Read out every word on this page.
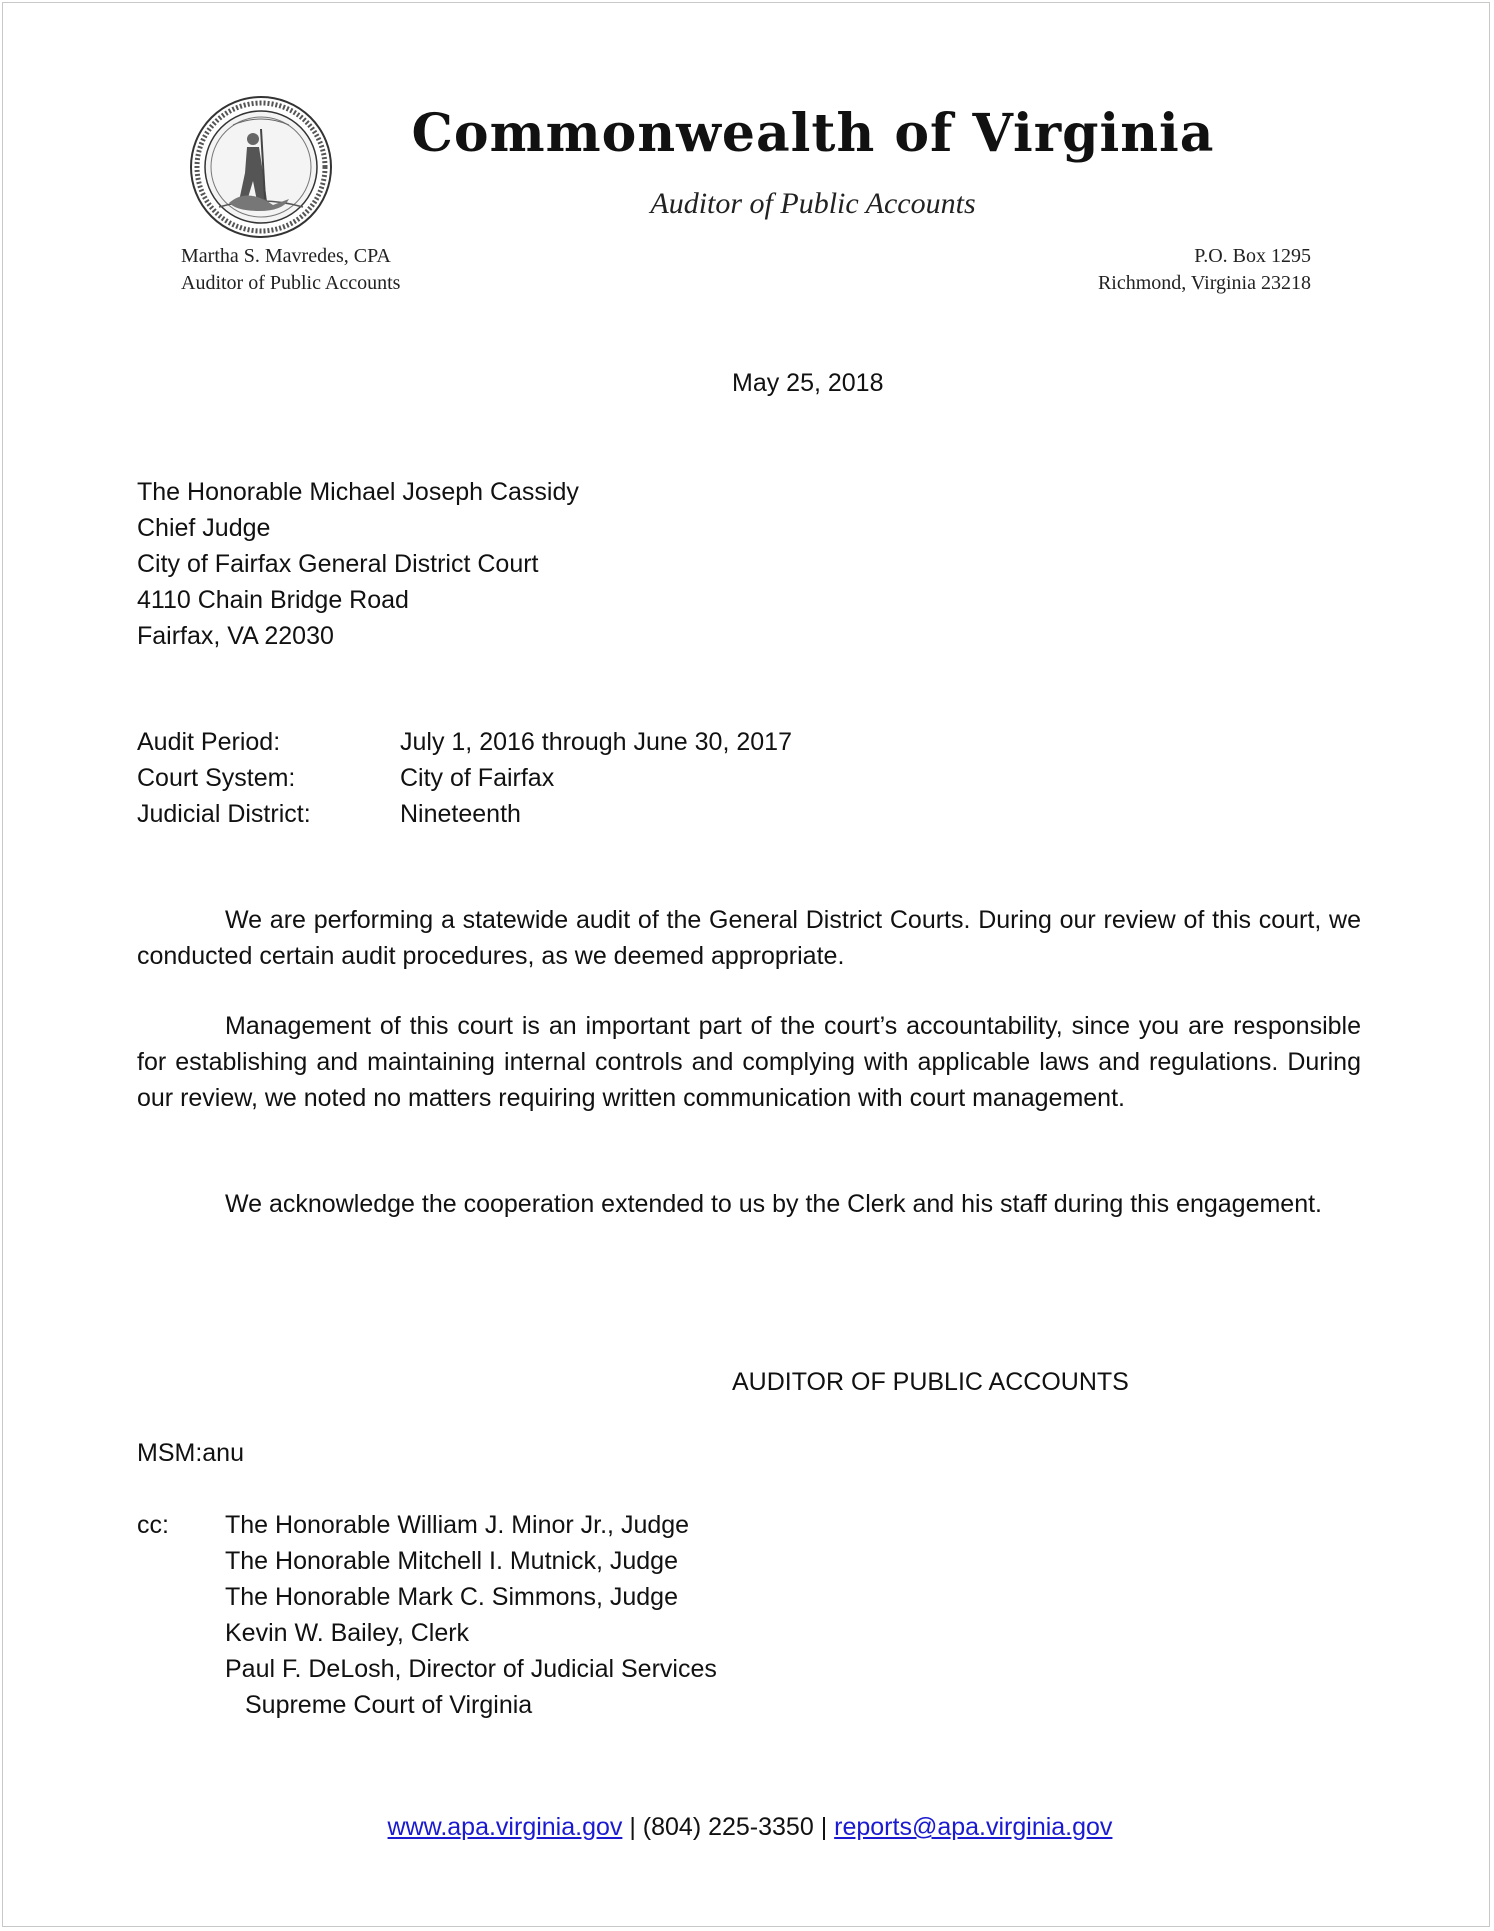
Commonwealth of Virginia
Auditor of Public Accounts
Martha S. Mavredes, CPA
Auditor of Public Accounts
P.O. Box 1295
Richmond, Virginia 23218
May 25, 2018
The Honorable Michael Joseph Cassidy
Chief Judge
City of Fairfax General District Court
4110 Chain Bridge Road
Fairfax, VA 22030
Audit Period:	July 1, 2016 through June 30, 2017
Court System:	City of Fairfax
Judicial District:	Nineteenth
We are performing a statewide audit of the General District Courts. During our review of this court, we conducted certain audit procedures, as we deemed appropriate.
Management of this court is an important part of the court’s accountability, since you are responsible for establishing and maintaining internal controls and complying with applicable laws and regulations. During our review, we noted no matters requiring written communication with court management.
We acknowledge the cooperation extended to us by the Clerk and his staff during this engagement.
AUDITOR OF PUBLIC ACCOUNTS
MSM:anu
cc:	The Honorable William J. Minor Jr., Judge
The Honorable Mitchell I. Mutnick, Judge
The Honorable Mark C. Simmons, Judge
Kevin W. Bailey, Clerk
Paul F. DeLosh, Director of Judicial Services
Supreme Court of Virginia
www.apa.virginia.gov | (804) 225-3350 | reports@apa.virginia.gov
